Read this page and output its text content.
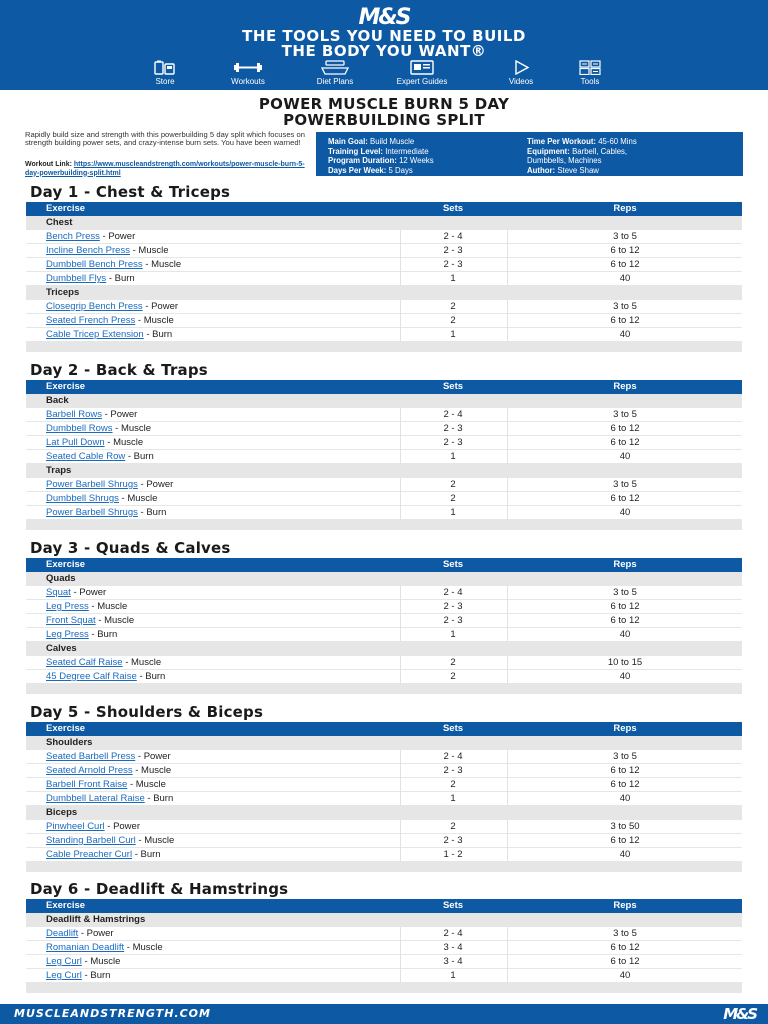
M&S
THE TOOLS YOU NEED TO BUILD
THE BODY YOU WANT®
Store	Workouts	Diet Plans	Expert Guides	Videos	Tools
POWER MUSCLE BURN 5 DAY
POWERBUILDING SPLIT
Rapidly build size and strength with this powerbuilding 5 day split which focuses on strength building power sets, and crazy-intense burn sets. You have been warned!
Workout Link: https://www.muscleandstrength.com/workouts/power-muscle-burn-5-day-powerbuilding-split.html
Main Goal: Build Muscle
Training Level: Intermediate
Program Duration: 12 Weeks
Days Per Week: 5 Days
Time Per Workout: 45-60 Mins
Equipment: Barbell, Cables,
Dumbbells, Machines
Author: Steve Shaw
Day 1 - Chest & Triceps
Exercise	Sets	Reps
Chest
Bench Press - Power	2 - 4	3 to 5
Incline Bench Press - Muscle	2 - 3	6 to 12
Dumbbell Bench Press - Muscle	2 - 3	6 to 12
Dumbbell Flys - Burn	1	40
Triceps
Closegrip Bench Press - Power	2	3 to 5
Seated French Press - Muscle	2	6 to 12
Cable Tricep Extension - Burn	1	40
Day 2 - Back & Traps
Exercise	Sets	Reps
Back
Barbell Rows - Power	2 - 4	3 to 5
Dumbbell Rows - Muscle	2 - 3	6 to 12
Lat Pull Down - Muscle	2 - 3	6 to 12
Seated Cable Row - Burn	1	40
Traps
Power Barbell Shrugs - Power	2	3 to 5
Dumbbell Shrugs - Muscle	2	6 to 12
Power Barbell Shrugs - Burn	1	40
Day 3 - Quads & Calves
Exercise	Sets	Reps
Quads
Squat - Power	2 - 4	3 to 5
Leg Press - Muscle	2 - 3	6 to 12
Front Squat - Muscle	2 - 3	6 to 12
Leg Press - Burn	1	40
Calves
Seated Calf Raise - Muscle	2	10 to 15
45 Degree Calf Raise - Burn	2	40
Day 5 - Shoulders & Biceps
Exercise	Sets	Reps
Shoulders
Seated Barbell Press - Power	2 - 4	3 to 5
Seated Arnold Press - Muscle	2 - 3	6 to 12
Barbell Front Raise - Muscle	2	6 to 12
Dumbbell Lateral Raise - Burn	1	40
Biceps
Pinwheel Curl - Power	2	3 to 50
Standing Barbell Curl - Muscle	2 - 3	6 to 12
Cable Preacher Curl - Burn	1 - 2	40
Day 6 - Deadlift & Hamstrings
Exercise	Sets	Reps
Deadlift & Hamstrings
Deadlift - Power	2 - 4	3 to 5
Romanian Deadlift - Muscle	3 - 4	6 to 12
Leg Curl - Muscle	3 - 4	6 to 12
Leg Curl - Burn	1	40
MUSCLEANDSTRENGTH.COM	M&S
